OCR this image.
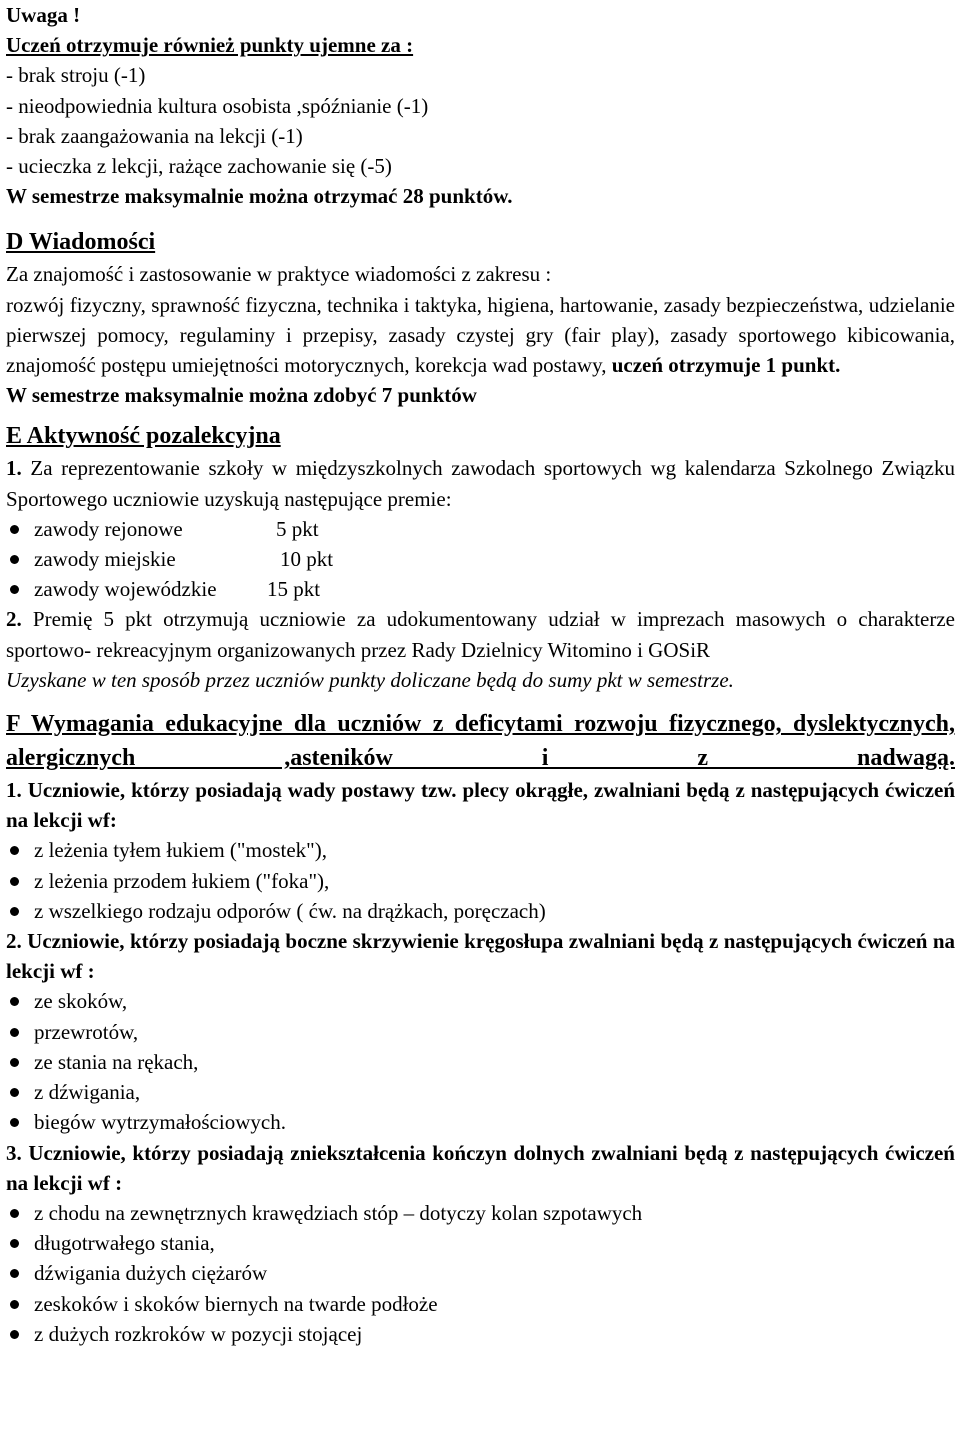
Uwaga !

Uczeń otrzymuje również punkty ujemne za :

- brak stroju (-1)

- nieodpowiednia kultura osobista ,spóźnianie (-1)

- brak zaangażowania na lekcji (-1)

- ucieczka z lekcji, rażące zachowanie się (-5)

W semestrze maksymalnie można otrzymać 28 punktów.

D Wiadomości

Za znajomość i zastosowanie w praktyce wiadomości z zakresu :

rozwój fizyczny, sprawność fizyczna, technika i taktyka, higiena, hartowanie, zasady bezpieczeństwa, udzielanie pierwszej pomocy, regulaminy i przepisy, zasady czystej gry (fair play), zasady sportowego kibicowania, znajomość postępu umiejętności motorycznych, korekcja wad postawy, uczeń otrzymuje 1 punkt.

W semestrze maksymalnie można zdobyć 7 punktów

E Aktywność pozalekcyjna

1. Za reprezentowanie szkoły w międzyszkolnych zawodach sportowych wg kalendarza Szkolnego Związku Sportowego uczniowie uzyskują następujące premie:

zawody rejonowe	5 pkt
zawody miejskie	10 pkt
zawody wojewódzkie 15 pkt

2. Premię 5 pkt otrzymują uczniowie za udokumentowany udział w imprezach masowych o charakterze sportowo- rekreacyjnym organizowanych przez Rady Dzielnicy Witomino i GOSiR

Uzyskane w ten sposób przez uczniów punkty doliczane będą do sumy pkt w semestrze.

F Wymagania edukacyjne dla uczniów z deficytami rozwoju fizycznego, dyslektycznych, alergicznych ,asteników i z nadwagą.

1. Uczniowie, którzy posiadają wady postawy tzw. plecy okrągłe, zwalniani będą z następujących ćwiczeń na lekcji wf:

z leżenia tyłem łukiem ("mostek"),
z leżenia przodem łukiem ("foka"),
z wszelkiego rodzaju odporów ( ćw. na drążkach, poręczach)

2. Uczniowie, którzy posiadają boczne skrzywienie kręgosłupa zwalniani będą z następujących ćwiczeń na lekcji wf :

ze skoków,
przewrotów,
ze stania na rękach,
z dźwigania,
biegów wytrzymałościowych.

3. Uczniowie, którzy posiadają zniekształcenia kończyn dolnych zwalniani będą z następujących ćwiczeń na lekcji wf :

z chodu na zewnętrznych krawędziach stóp – dotyczy kolan szpotawych
długotrwałego stania,
dźwigania dużych ciężarów
zeskoków i skoków biernych na twarde podłoże
z dużych rozkroków w pozycji stojącej
